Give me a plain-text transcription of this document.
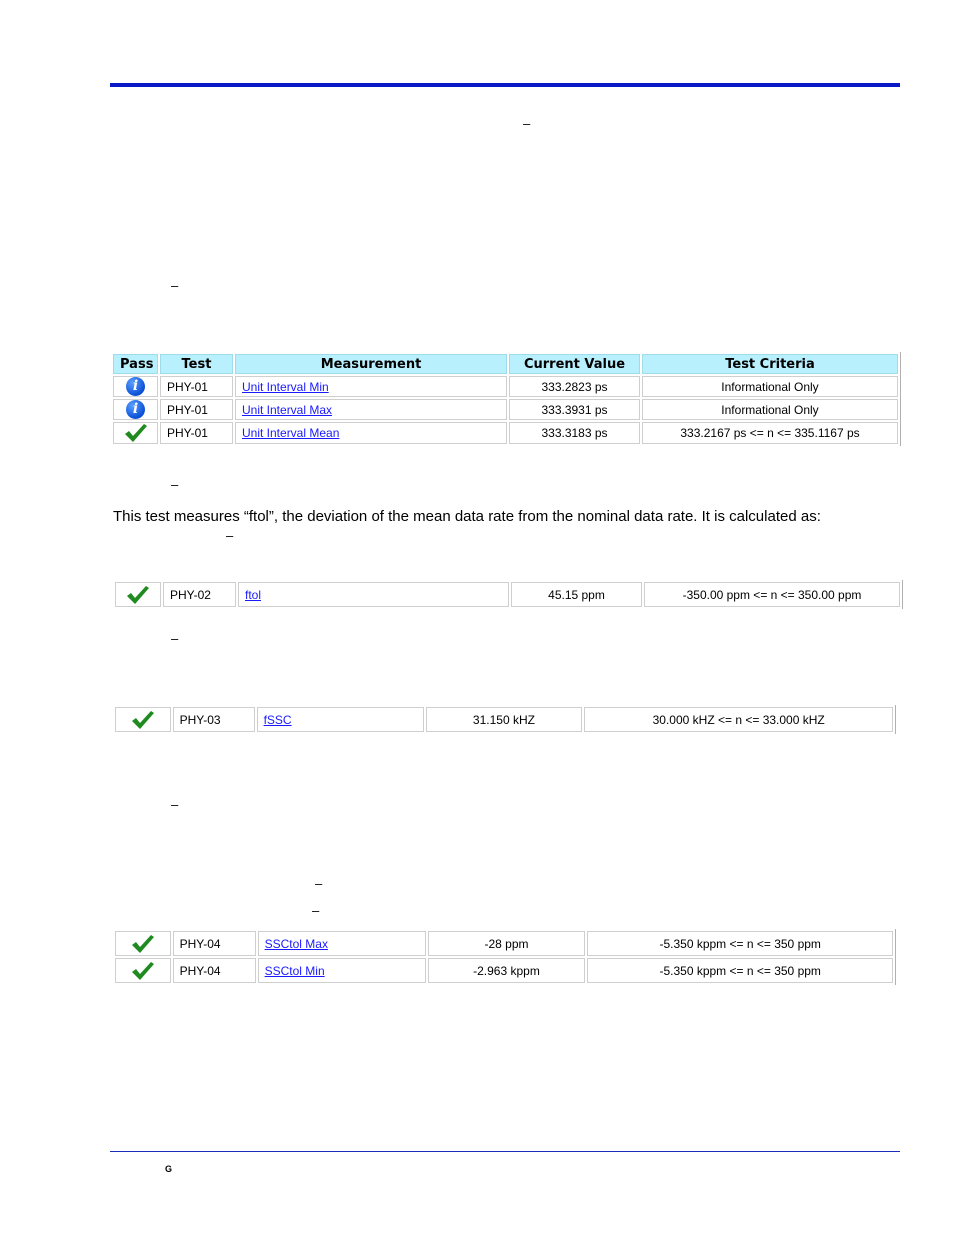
–
–
Pass	Test	Measurement	Current Value	Test Criteria
i	PHY-01	Unit Interval Min	333.2823 ps	Informational Only
i	PHY-01	Unit Interval Max	333.3931 ps	Informational Only
	PHY-01	Unit Interval Mean	333.3183 ps	333.2167 ps <= n <= 335.1167 ps
–
This test measures “ftol”, the deviation of the mean data rate from the nominal data rate. It is calculated as:
–
	PHY-02	ftol	45.15 ppm	-350.00 ppm <= n <= 350.00 ppm
–
	PHY-03	fSSC	31.150 kHZ	30.000 kHZ <= n <= 33.000 kHZ
–
–
–
	PHY-04	SSCtol Max	-28 ppm	-5.350 kppm <= n <= 350 ppm
	PHY-04	SSCtol Min	-2.963 kppm	-5.350 kppm <= n <= 350 ppm
G
